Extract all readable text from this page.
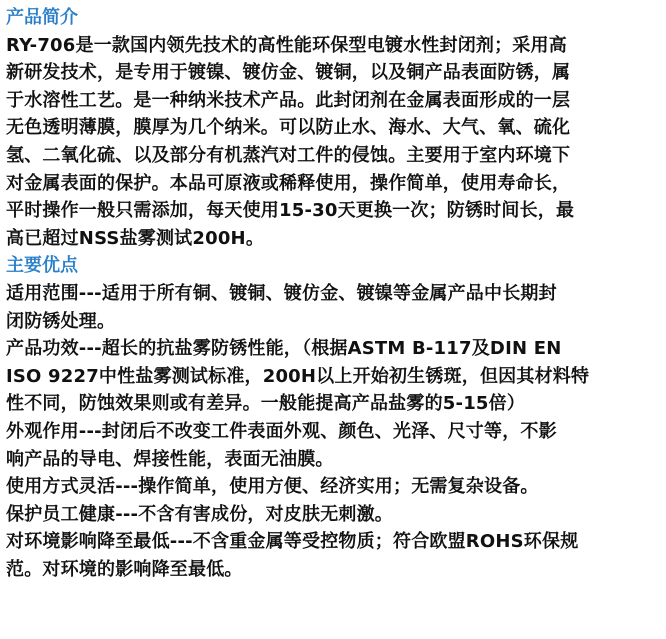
产品简介
RY-706是一款国内领先技术的高性能环保型电镀水性封闭剂；采用高
新研发技术，是专用于镀镍、镀仿金、镀铜，以及铜产品表面防锈，属
于水溶性工艺。是一种纳米技术产品。此封闭剂在金属表面形成的一层
无色透明薄膜，膜厚为几个纳米。可以防止水、海水、大气、氧、硫化
氢、二氧化硫、以及部分有机蒸汽对工件的侵蚀。主要用于室内环境下
对金属表面的保护。本品可原液或稀释使用，操作简单，使用寿命长，
平时操作一般只需添加，每天使用15-30天更换一次；防锈时间长，最
高已超过NSS盐雾测试200H。
主要优点
适用范围---适用于所有铜、镀铜、镀仿金、镀镍等金属产品中长期封
闭防锈处理。
产品功效---超长的抗盐雾防锈性能，（根据ASTM B-117及DIN EN
ISO 9227中性盐雾测试标准，200H以上开始初生锈斑，但因其材料特
性不同，防蚀效果则或有差异。一般能提高产品盐雾的5-15倍）
外观作用---封闭后不改变工件表面外观、颜色、光泽、尺寸等，不影
响产品的导电、焊接性能，表面无油膜。
使用方式灵活---操作简单，使用方便、经济实用；无需复杂设备。
保护员工健康---不含有害成份，对皮肤无刺激。
对环境影响降至最低---不含重金属等受控物质；符合欧盟ROHS环保规
范。对环境的影响降至最低。
